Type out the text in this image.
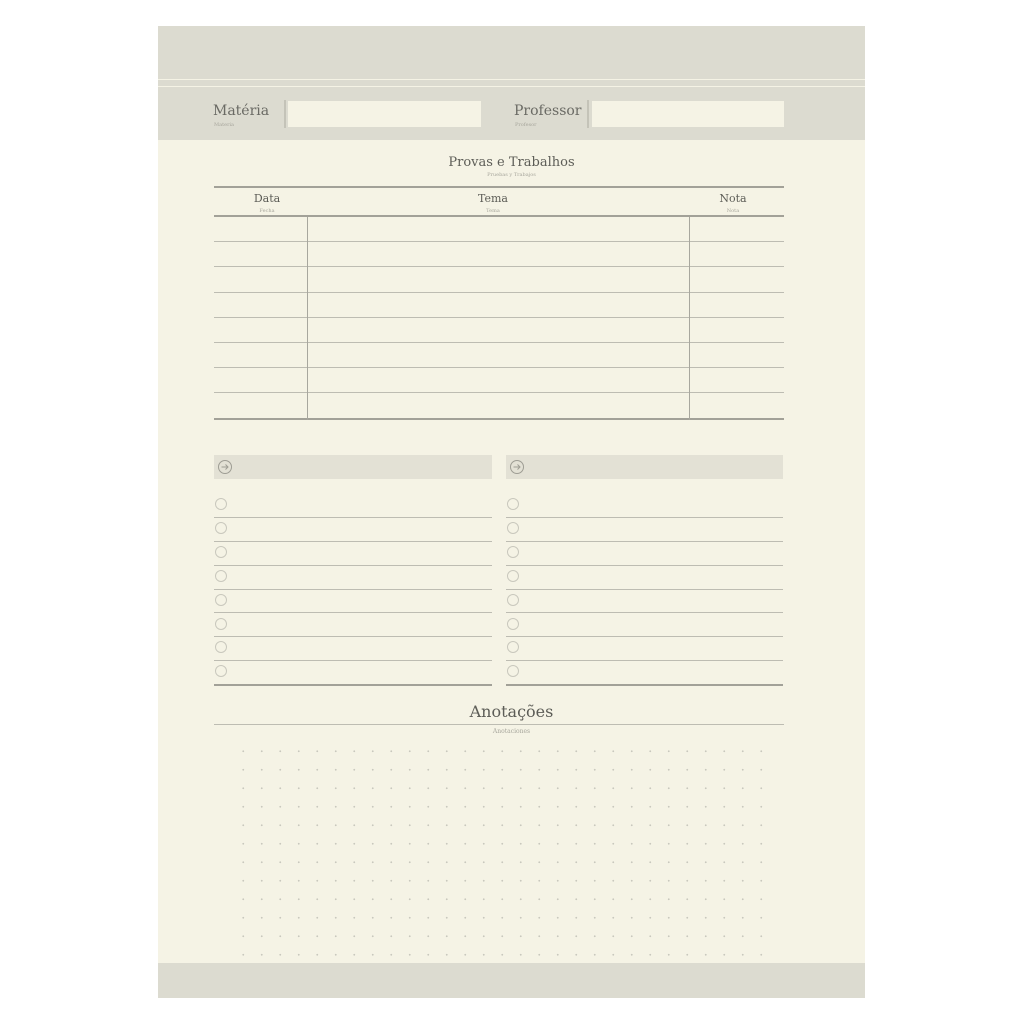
Matéria
Materia
Professor
Profesor
Provas e Trabalhos
Pruebas y Trabajos
Data
Fecha
Tema
Tema
Nota
Nota
Anotações
Anotaciones
